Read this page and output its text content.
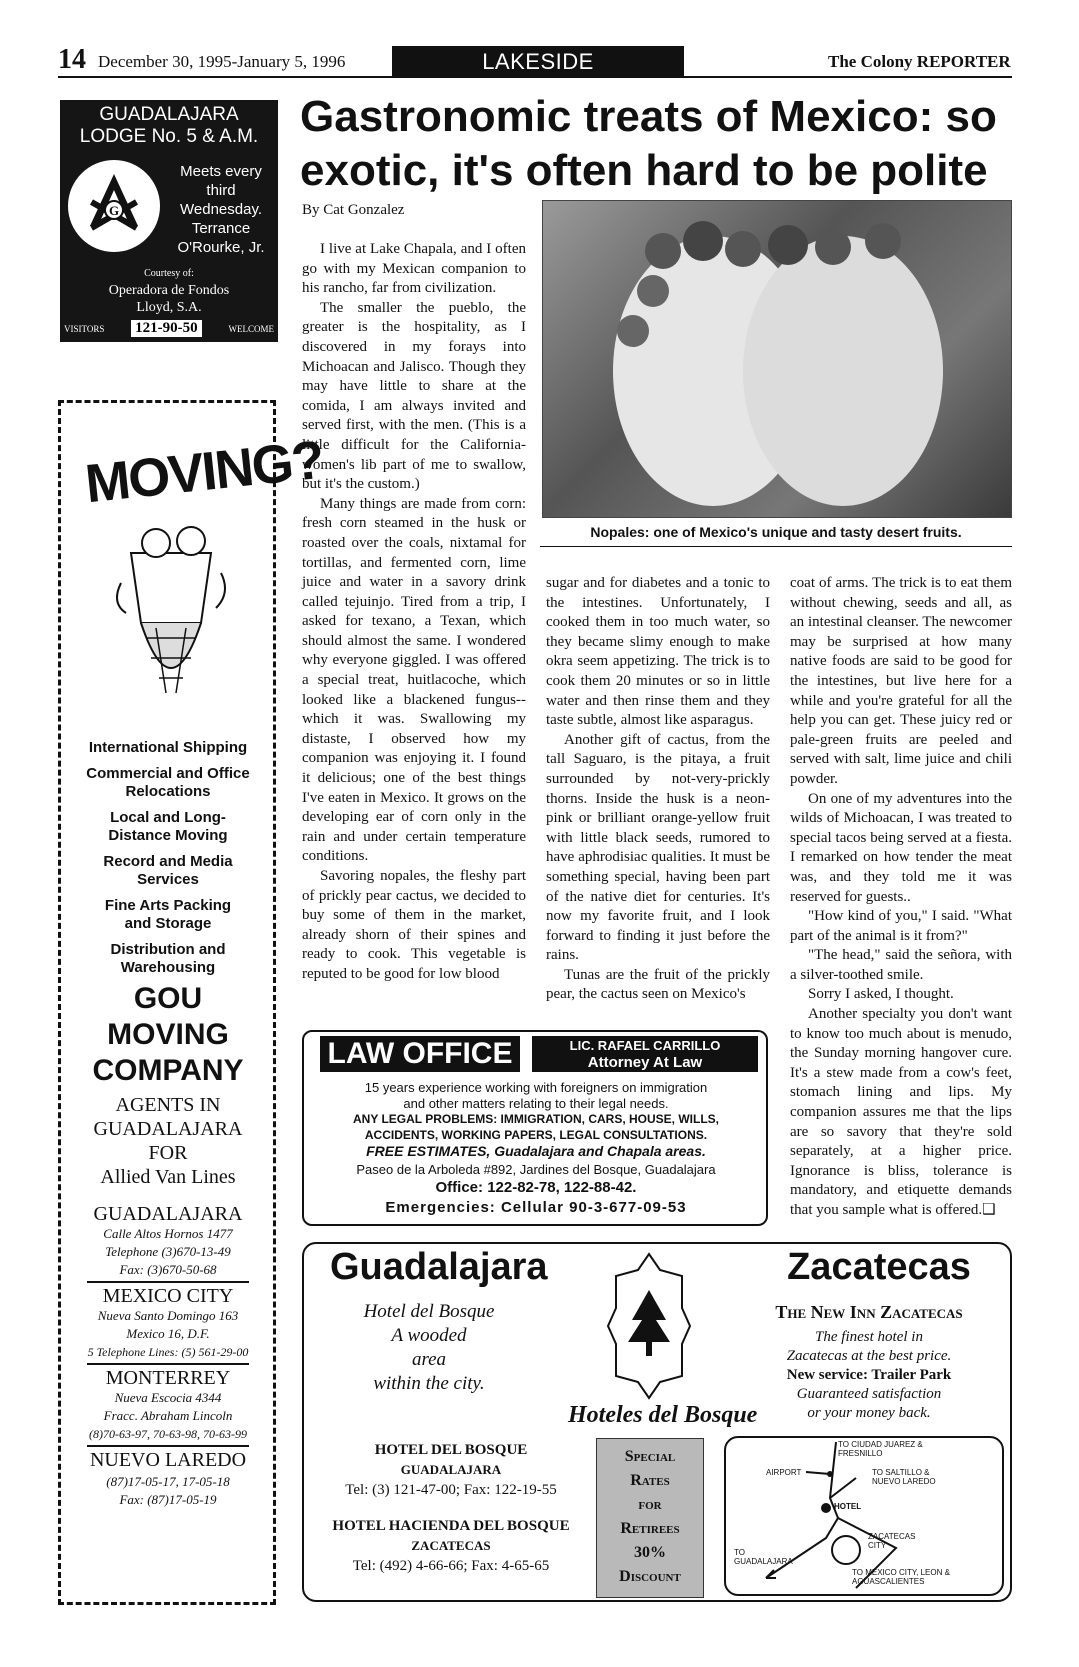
14 December 30, 1995-January 5, 1996	LAKESIDE	The Colony REPORTER
GUADALAJARA
LODGE No. 5 & A.M.
G
Meets every
third
Wednesday.
Terrance
O'Rourke, Jr.
Courtesy of:
Operadora de Fondos
Lloyd, S.A.
VISITORS 121-90-50	WELCOME
MOVING?
International Shipping
Commercial and Office Relocations
Local and Long-Distance Moving
Record and Media Services
Fine Arts Packing and Storage
Distribution and Warehousing
GOU
MOVING
COMPANY
AGENTS IN
GUADALAJARA
FOR
Allied Van Lines
GUADALAJARA
Calle Altos Hornos 1477
Telephone (3)670-13-49
Fax: (3)670-50-68
MEXICO CITY
Nueva Santo Domingo 163
Mexico 16, D.F.
5 Telephone Lines: (5) 561-29-00
MONTERREY
Nueva Escocia 4344
Fracc. Abraham Lincoln
(8)70-63-97, 70-63-98, 70-63-99
NUEVO LAREDO
(87)17-05-17, 17-05-18
Fax: (87)17-05-19
Gastronomic treats of Mexico: so exotic, it's often hard to be polite
By Cat Gonzalez
Nopales: one of Mexico's unique and tasty desert fruits.

I live at Lake Chapala, and I often go with my Mexican companion to his rancho, far from civilization.

The smaller the pueblo, the greater is the hospitality, as I discovered in my forays into Michoacan and Jalisco. Though they may have little to share at the comida, I am always invited and served first, with the men. (This is a little difficult for the California-women's lib part of me to swallow, but it's the custom.)

Many things are made from corn: fresh corn steamed in the husk or roasted over the coals, nixtamal for tortillas, and fermented corn, lime juice and water in a savory drink called tejuinjo. Tired from a trip, I asked for texano, a Texan, which should almost the same. I wondered why everyone giggled. I was offered a special treat, huitlacoche, which looked like a blackened fungus--which it was. Swallowing my distaste, I observed how my companion was enjoying it. I found it delicious; one of the best things I've eaten in Mexico. It grows on the developing ear of corn only in the rain and under certain temperature conditions.

Savoring nopales, the fleshy part of prickly pear cactus, we decided to buy some of them in the market, already shorn of their spines and ready to cook. This vegetable is reputed to be good for low blood

sugar and for diabetes and a tonic to the intestines. Unfortunately, I cooked them in too much water, so they became slimy enough to make okra seem appetizing. The trick is to cook them 20 minutes or so in little water and then rinse them and they taste subtle, almost like asparagus.

Another gift of cactus, from the tall Saguaro, is the pitaya, a fruit surrounded by not-very-prickly thorns. Inside the husk is a neon-pink or brilliant orange-yellow fruit with little black seeds, rumored to have aphrodisiac qualities. It must be something special, having been part of the native diet for centuries. It's now my favorite fruit, and I look forward to finding it just before the rains.

Tunas are the fruit of the prickly pear, the cactus seen on Mexico's

coat of arms. The trick is to eat them without chewing, seeds and all, as an intestinal cleanser. The newcomer may be surprised at how many native foods are said to be good for the intestines, but live here for a while and you're grateful for all the help you can get. These juicy red or pale-green fruits are peeled and served with salt, lime juice and chili powder.

On one of my adventures into the wilds of Michoacan, I was treated to special tacos being served at a fiesta. I remarked on how tender the meat was, and they told me it was reserved for guests..

"How kind of you," I said. "What part of the animal is it from?"

"The head," said the señora, with a silver-toothed smile.

Sorry I asked, I thought.

Another specialty you don't want to know too much about is menudo, the Sunday morning hangover cure. It's a stew made from a cow's feet, stomach lining and lips. My companion assures me that the lips are so savory that they're sold separately, at a higher price. Ignorance is bliss, tolerance is mandatory, and etiquette demands that you sample what is offered.❑

LAW OFFICE	LIC. RAFAEL CARRILLO
Attorney At Law
15 years experience working with foreigners on immigration
and other matters relating to their legal needs.
ANY LEGAL PROBLEMS: IMMIGRATION, CARS, HOUSE, WILLS,
ACCIDENTS, WORKING PAPERS, LEGAL CONSULTATIONS.
FREE ESTIMATES, Guadalajara and Chapala areas.
Paseo de la Arboleda #892, Jardines del Bosque, Guadalajara
Office: 122-82-78, 122-88-42.
Emergencies: Cellular 90-3-677-09-53
Guadalajara
Hotel del Bosque
A wooded
area
within the city.
Hoteles del Bosque
HOTEL DEL BOSQUE
GUADALAJARA
Tel: (3) 121-47-00; Fax: 122-19-55
HOTEL HACIENDA DEL BOSQUE
ZACATECAS
Tel: (492) 4-66-66; Fax: 4-65-65
Special
Rates
for
Retirees
30%
Discount
Zacatecas
The New Inn Zacatecas
The finest hotel in
Zacatecas at the best price.
New service: Trailer Park
Guaranteed satisfaction
or your money back.
TO CIUDAD JUAREZ & FRESNILLO
AIRPORT	TO SALTILLO & NUEVO LAREDO
HOTEL
ZACATECAS CITY
TO GUADALAJARA
TO MEXICO CITY, LEON & AGUASCALIENTES
